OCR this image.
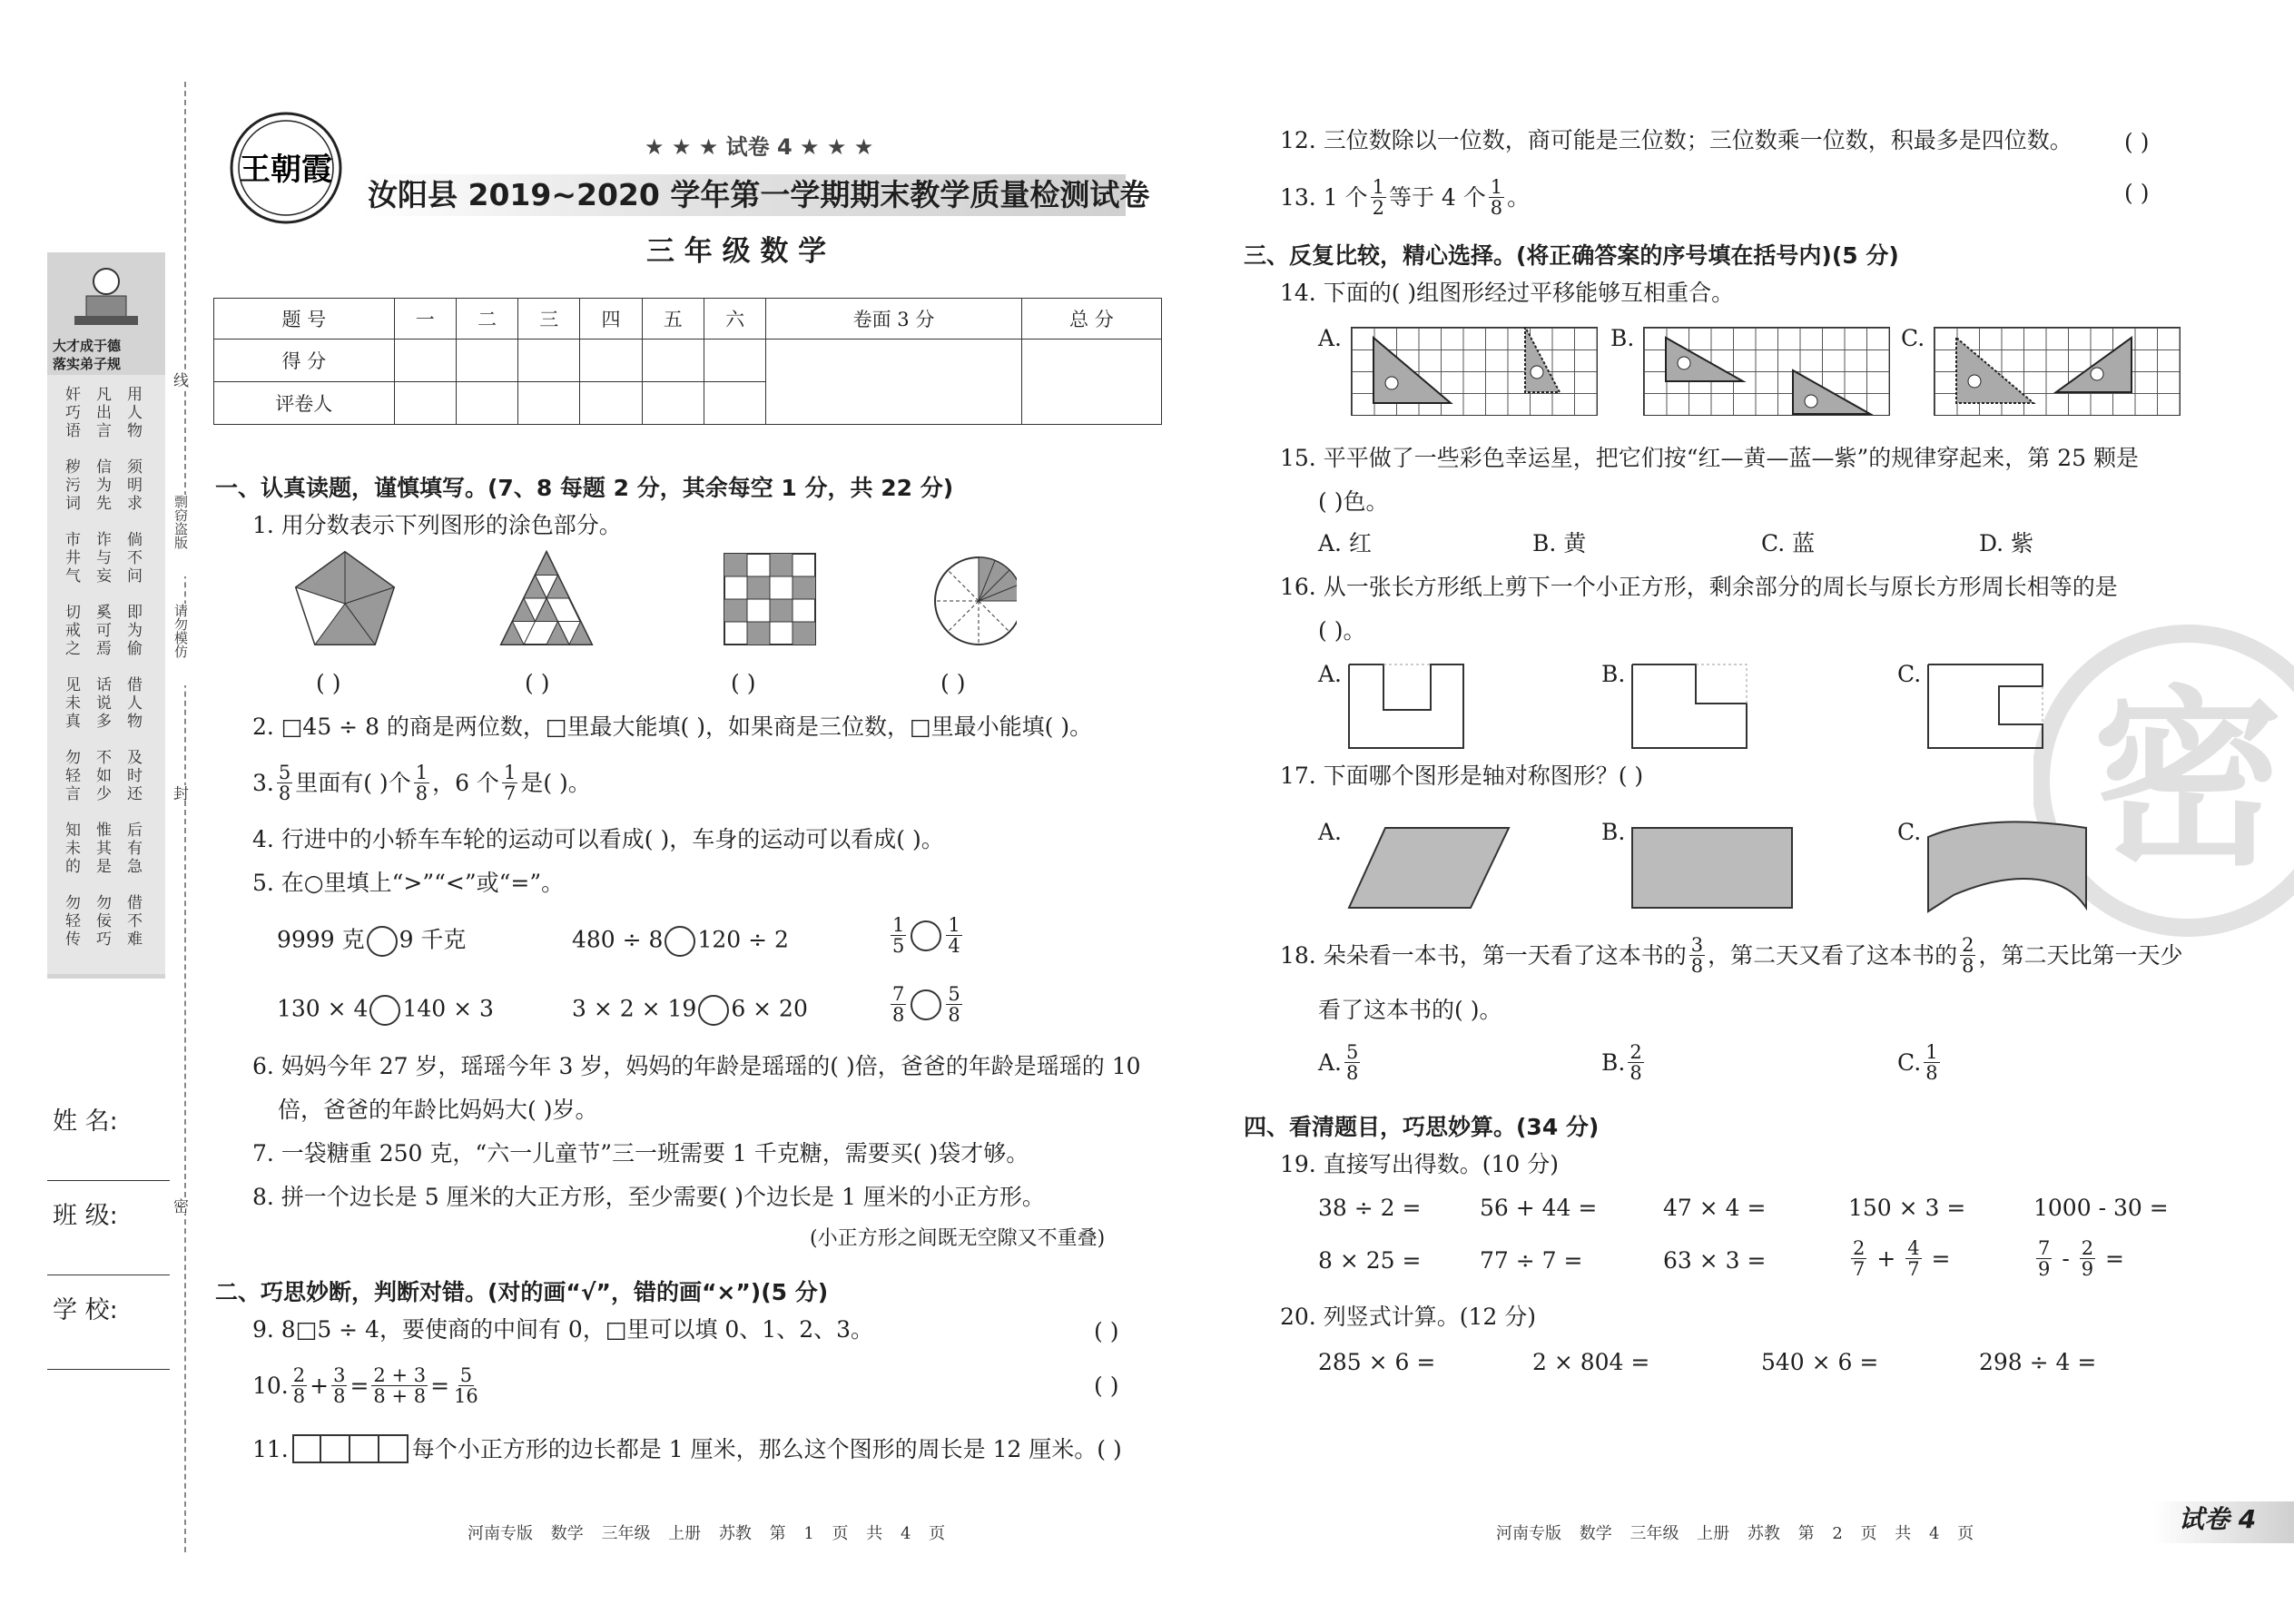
大才成于德
落实弟子规
奸巧语 凡出言 用人物
秽污词 信为先 须明求
市井气 诈与妄 倘不问
切戒之 奚可焉 即为偷
见未真 话说多 借人物
勿轻言 不如少 及时还
知未的 惟其是 后有急
勿轻传 勿佞巧 借不难
线
封
密
剽窃盗版
请勿模仿
姓 名:
班 级:
学 校:
王朝霞
★ ★ ★ 试卷 4 ★ ★ ★
汝阳县 2019~2020 学年第一学期期末教学质量检测试卷
三 年 级 数 学
题 号	一	二	三	四	五	六	卷面 3 分	总 分
得 分								
评卷人								
一、认真读题，谨慎填写。(7、8 每题 2 分，其余每空 1 分，共 22 分)
1. 用分数表示下列图形的涂色部分。
( )	( )	( )	( )
2. □45 ÷ 8 的商是两位数，□里最大能填( )，如果商是三位数，□里最小能填( )。
3. $\frac{5}{8}$ 里面有( )个 $\frac{1}{8}$ ，6 个 $\frac{1}{7}$ 是( )。
4. 行进中的小轿车车轮的运动可以看成( )，车身的运动可以看成( )。
5. 在○里填上“>”“<”或“=”。
9999 克 9 千克	480 ÷ 8 120 ÷ 2	$\frac{1}{5} \frac{1}{4}$
130 × 4 140 × 3	3 × 2 × 19 6 × 20	$\frac{7}{8} \frac{5}{8}$
6. 妈妈今年 27 岁，瑶瑶今年 3 岁，妈妈的年龄是瑶瑶的( )倍，爸爸的年龄是瑶瑶的 10
倍，爸爸的年龄比妈妈大( )岁。
7. 一袋糖重 250 克，“六一儿童节”三一班需要 1 千克糖，需要买( )袋才够。
8. 拼一个边长是 5 厘米的大正方形，至少需要( )个边长是 1 厘米的小正方形。
(小正方形之间既无空隙又不重叠)
二、巧思妙断，判断对错。(对的画“√”，错的画“×”)(5 分)
9. 8□5 ÷ 4，要使商的中间有 0，□里可以填 0、1、2、3。	( )
10. $\frac{2}{8} + \frac{3}{8} = \frac{2 + 3}{8 + 8} = \frac{5}{16}$	( )
11.	每个小正方形的边长都是 1 厘米，那么这个图形的周长是 12 厘米。( )
密
12. 三位数除以一位数，商可能是三位数；三位数乘一位数，积最多是四位数。 ( )
13. 1 个 $\frac{1}{2}$ 等于 4 个 $\frac{1}{8}$ 。	( )
三、反复比较，精心选择。(将正确答案的序号填在括号内)(5 分)
14. 下面的( )组图形经过平移能够互相重合。
A.	B.	C.
15. 平平做了一些彩色幸运星，把它们按“红—黄—蓝—紫”的规律穿起来，第 25 颗是
( )色。
A. 红	B. 黄	C. 蓝	D. 紫
16. 从一张长方形纸上剪下一个小正方形，剩余部分的周长与原长方形周长相等的是
( )。
A.	B.	C.
17. 下面哪个图形是轴对称图形？( )
A.	B.	C.
18. 朵朵看一本书，第一天看了这本书的 $\frac{3}{8}$ ，第二天又看了这本书的 $\frac{2}{8}$ ，第二天比第一天少
看了这本书的( )。
A. $\frac{5}{8}$	B. $\frac{2}{8}$	C. $\frac{1}{8}$
四、看清题目，巧思妙算。(34 分)
19. 直接写出得数。(10 分)
38 ÷ 2 =	56 + 44 =	47 × 4 =	150 × 3 =	1000 - 30 =
8 × 25 =	77 ÷ 7 =	63 × 3 =	$\frac{2}{7} + \frac{4}{7}$ =	$\frac{7}{9} - \frac{2}{9}$ =
20. 列竖式计算。(12 分)
285 × 6 =	2 × 804 =	540 × 6 =	298 ÷ 4 =
河南专版 数学 三年级 上册 苏教 第 1 页 共 4 页	河南专版 数学 三年级 上册 苏教 第 2 页 共 4 页	试卷 4
